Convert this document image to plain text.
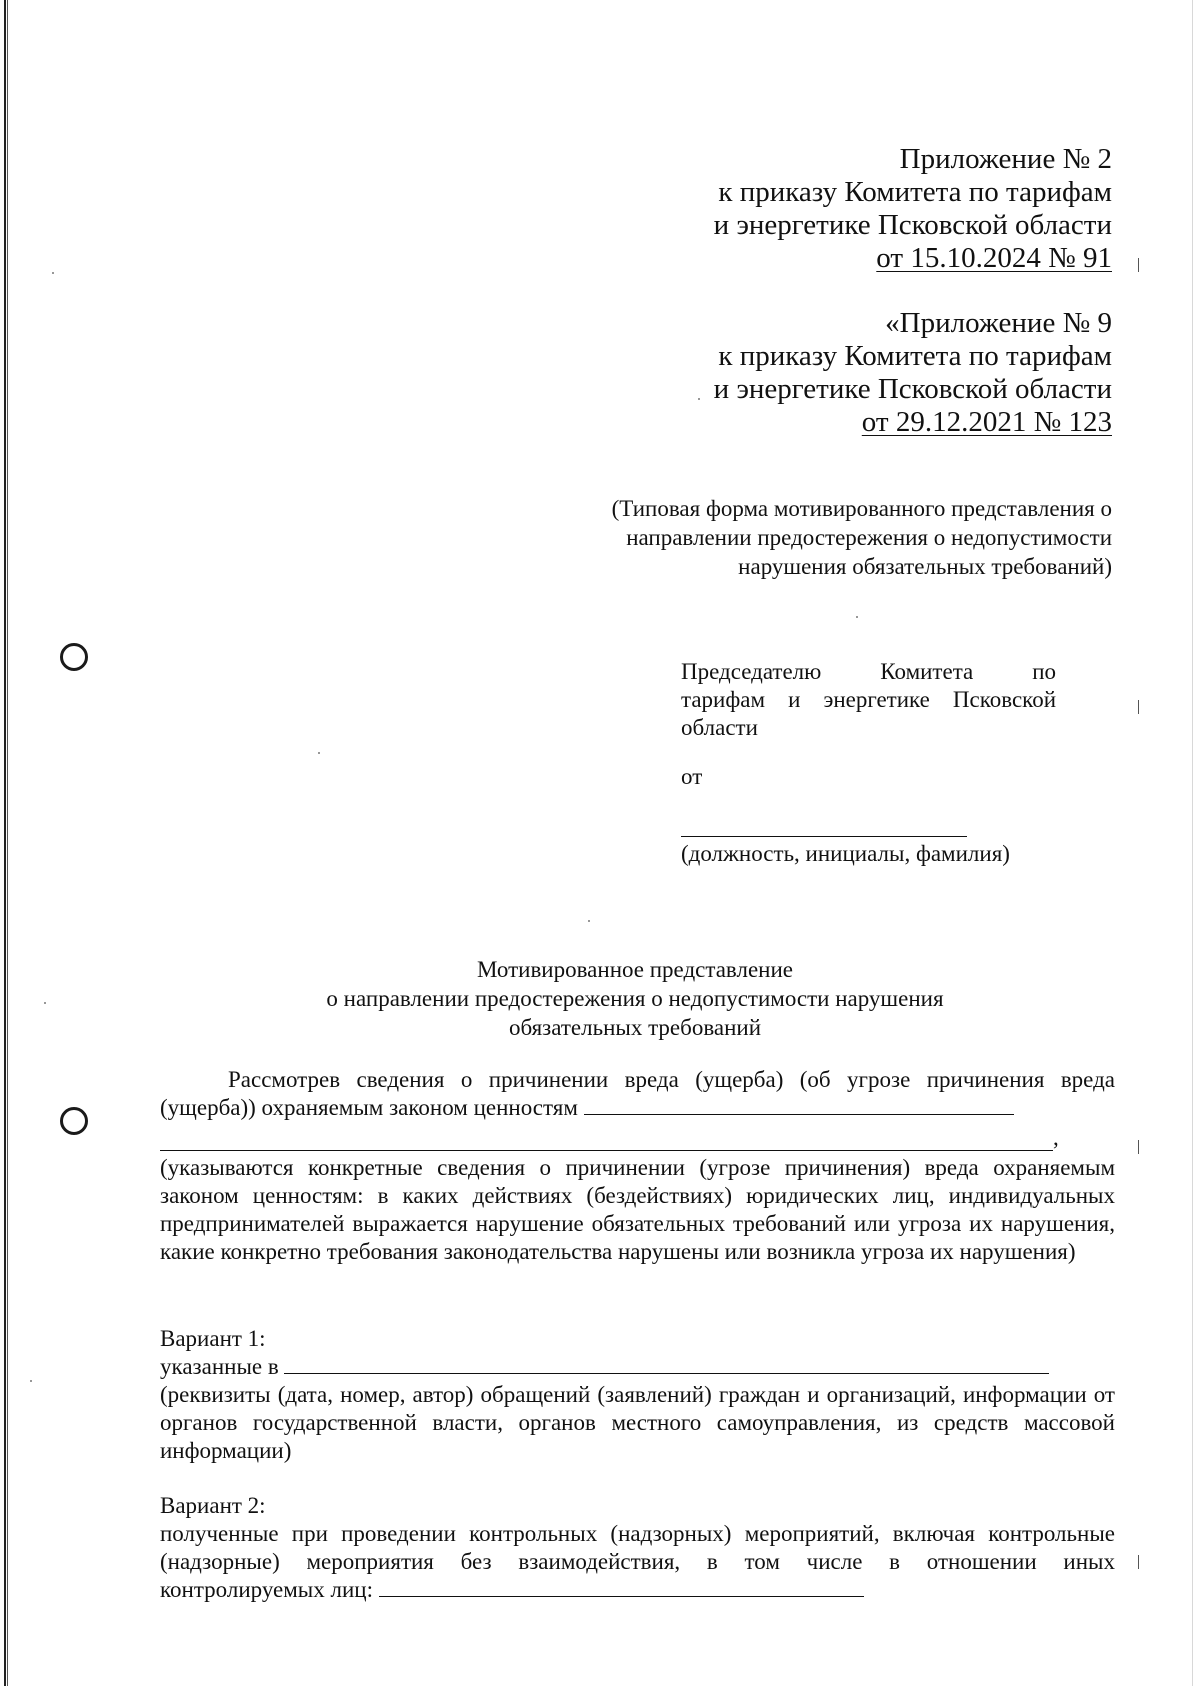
Приложение № 2
к приказу Комитета по тарифам
и энергетике Псковской области
от 15.10.2024 № 91
«Приложение № 9
к приказу Комитета по тарифам
и энергетике Псковской области
от 29.12.2021 № 123
(Типовая форма мотивированного представления о
направлении предостережения о недопустимости
нарушения обязательных требований)
Председателю Комитета по
тарифам и энергетике Псковской
области
от
(должность, инициалы, фамилия)
Мотивированное представление
о направлении предостережения о недопустимости нарушения
обязательных требований
Рассмотрев сведения о причинении вреда (ущерба) (об угрозе причинения вреда
(ущерба)) охраняемым законом ценностям
,
(указываются конкретные сведения о причинении (угрозе причинения) вреда охраняемым законом ценностям: в каких действиях (бездействиях) юридических лиц, индивидуальных предпринимателей выражается нарушение обязательных требований или угроза их нарушения, какие конкретно требования законодательства нарушены или возникла угроза их нарушения)
Вариант 1:
указанные в
(реквизиты (дата, номер, автор) обращений (заявлений) граждан и организаций, информации от органов государственной власти, органов местного самоуправления, из средств массовой информации)
Вариант 2:
полученные при проведении контрольных (надзорных) мероприятий, включая контрольные (надзорные) мероприятия без взаимодействия, в том числе в отношении иных
контролируемых лиц:
